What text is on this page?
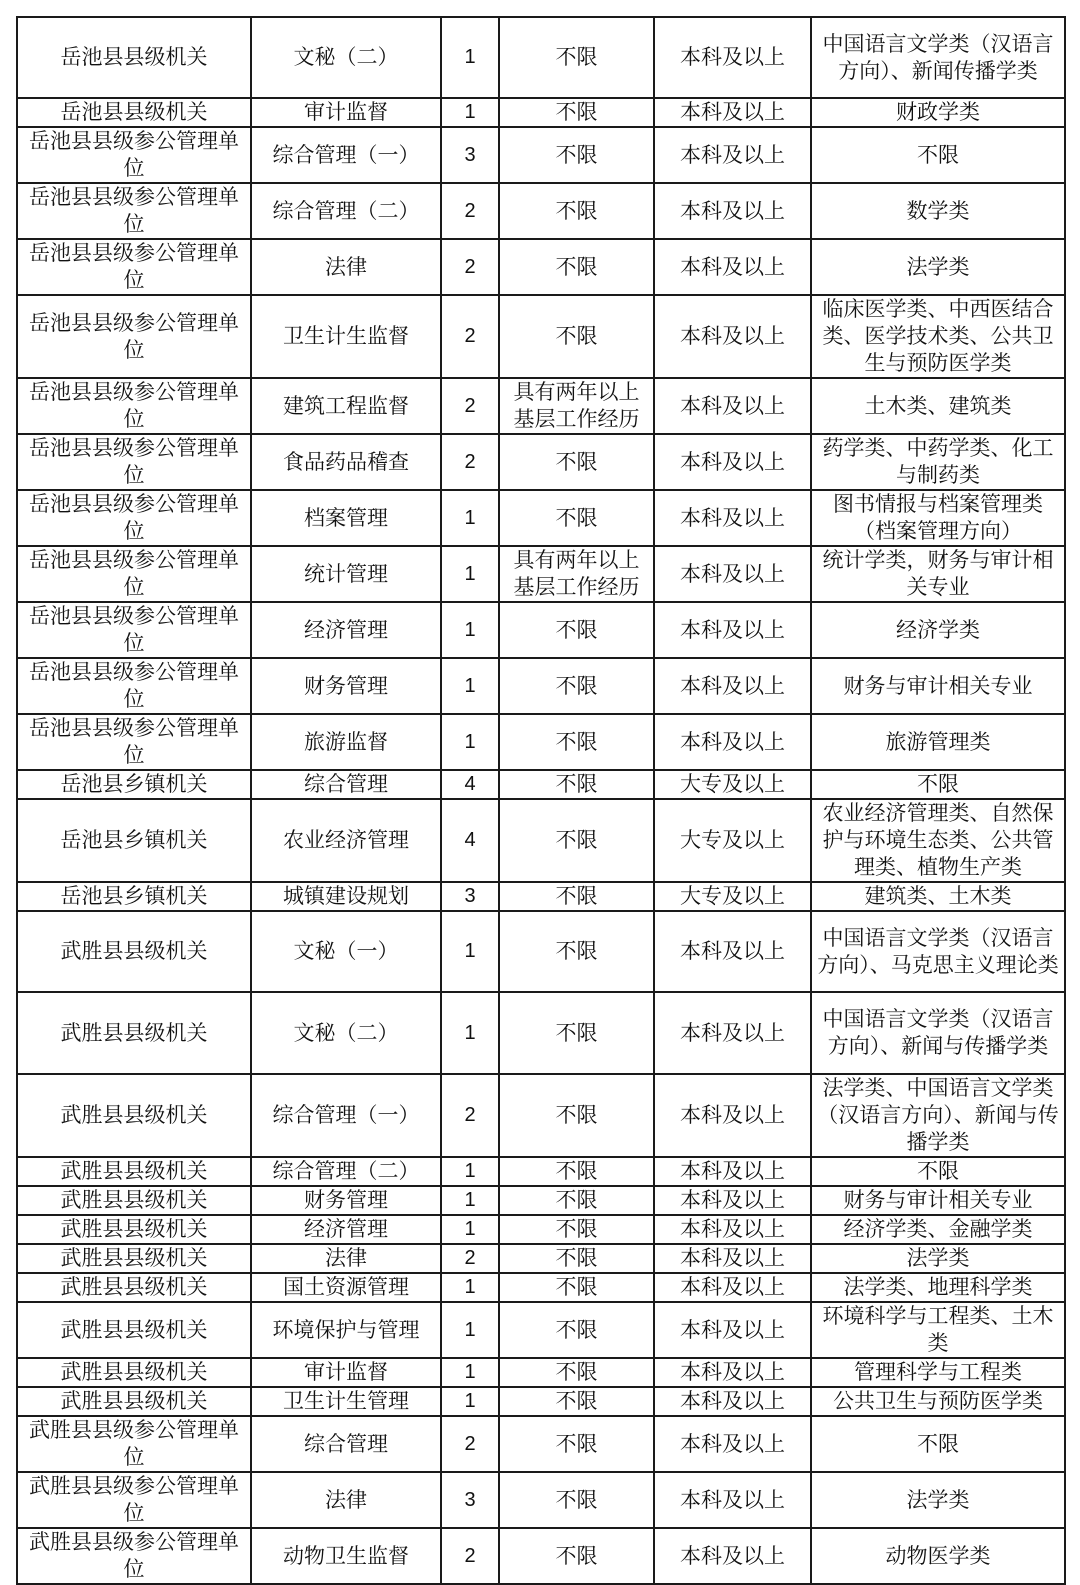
岳池县县级机关	文秘（二）	1	不限	本科及以上	中国语言文学类（汉语言方向）、新闻传播学类
岳池县县级机关	审计监督	1	不限	本科及以上	财政学类
岳池县县级参公管理单位	综合管理（一）	3	不限	本科及以上	不限
岳池县县级参公管理单位	综合管理（二）	2	不限	本科及以上	数学类
岳池县县级参公管理单位	法律	2	不限	本科及以上	法学类
岳池县县级参公管理单位	卫生计生监督	2	不限	本科及以上	临床医学类、中西医结合类、医学技术类、公共卫生与预防医学类
岳池县县级参公管理单位	建筑工程监督	2	具有两年以上基层工作经历	本科及以上	土木类、建筑类
岳池县县级参公管理单位	食品药品稽查	2	不限	本科及以上	药学类、中药学类、化工与制药类
岳池县县级参公管理单位	档案管理	1	不限	本科及以上	图书情报与档案管理类（档案管理方向）
岳池县县级参公管理单位	统计管理	1	具有两年以上基层工作经历	本科及以上	统计学类，财务与审计相关专业
岳池县县级参公管理单位	经济管理	1	不限	本科及以上	经济学类
岳池县县级参公管理单位	财务管理	1	不限	本科及以上	财务与审计相关专业
岳池县县级参公管理单位	旅游监督	1	不限	本科及以上	旅游管理类
岳池县乡镇机关	综合管理	4	不限	大专及以上	不限
岳池县乡镇机关	农业经济管理	4	不限	大专及以上	农业经济管理类、自然保护与环境生态类、公共管理类、植物生产类
岳池县乡镇机关	城镇建设规划	3	不限	大专及以上	建筑类、土木类
武胜县县级机关	文秘（一）	1	不限	本科及以上	中国语言文学类（汉语言方向）、马克思主义理论类
武胜县县级机关	文秘（二）	1	不限	本科及以上	中国语言文学类（汉语言方向）、新闻与传播学类
武胜县县级机关	综合管理（一）	2	不限	本科及以上	法学类、中国语言文学类（汉语言方向）、新闻与传播学类
武胜县县级机关	综合管理（二）	1	不限	本科及以上	不限
武胜县县级机关	财务管理	1	不限	本科及以上	财务与审计相关专业
武胜县县级机关	经济管理	1	不限	本科及以上	经济学类、金融学类
武胜县县级机关	法律	2	不限	本科及以上	法学类
武胜县县级机关	国土资源管理	1	不限	本科及以上	法学类、地理科学类
武胜县县级机关	环境保护与管理	1	不限	本科及以上	环境科学与工程类、土木类
武胜县县级机关	审计监督	1	不限	本科及以上	管理科学与工程类
武胜县县级机关	卫生计生管理	1	不限	本科及以上	公共卫生与预防医学类
武胜县县级参公管理单位	综合管理	2	不限	本科及以上	不限
武胜县县级参公管理单位	法律	3	不限	本科及以上	法学类
武胜县县级参公管理单位	动物卫生监督	2	不限	本科及以上	动物医学类
